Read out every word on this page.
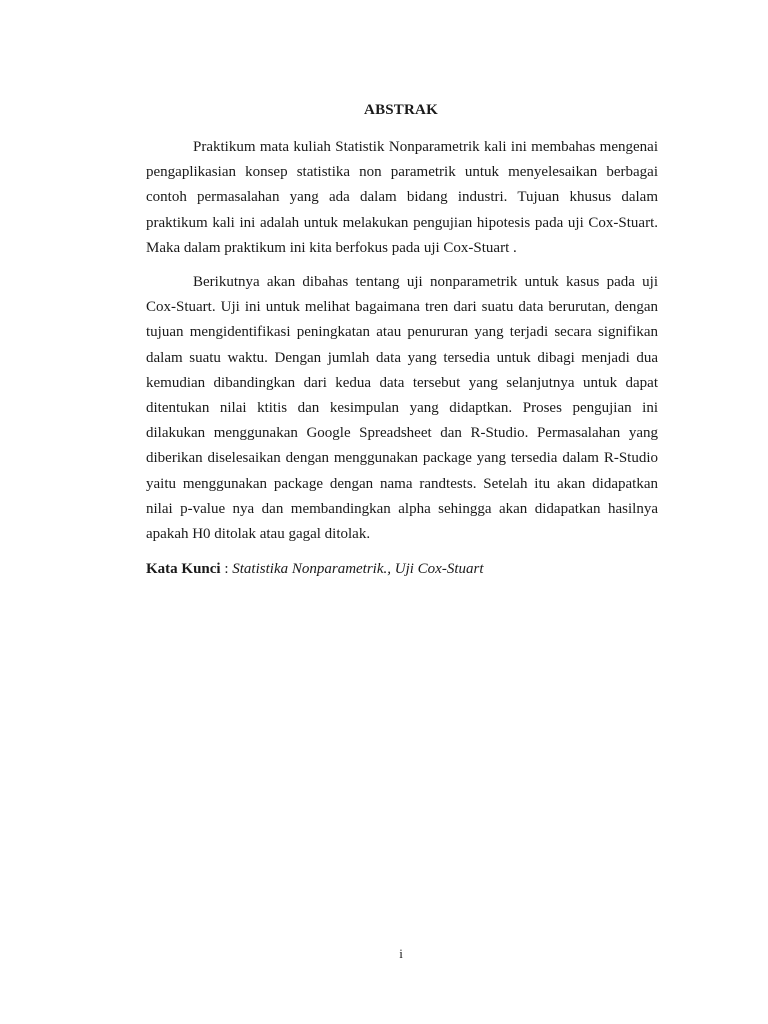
ABSTRAK

Praktikum mata kuliah Statistik Nonparametrik kali ini membahas mengenai pengaplikasian konsep statistika non parametrik untuk menyelesaikan berbagai contoh permasalahan yang ada dalam bidang industri. Tujuan khusus dalam praktikum kali ini adalah untuk melakukan pengujian hipotesis pada uji Cox-Stuart. Maka dalam praktikum ini kita berfokus pada uji Cox-Stuart .

Berikutnya akan dibahas tentang uji nonparametrik untuk kasus pada uji Cox-Stuart. Uji ini untuk melihat bagaimana tren dari suatu data berurutan, dengan tujuan mengidentifikasi peningkatan atau penururan yang terjadi secara signifikan dalam suatu waktu. Dengan jumlah data yang tersedia untuk dibagi menjadi dua kemudian dibandingkan dari kedua data tersebut yang selanjutnya untuk dapat ditentukan nilai ktitis dan kesimpulan yang didaptkan. Proses pengujian ini dilakukan menggunakan Google Spreadsheet dan R-Studio. Permasalahan yang diberikan diselesaikan dengan menggunakan package yang tersedia dalam R-Studio yaitu menggunakan package dengan nama randtests. Setelah itu akan didapatkan nilai p-value nya dan membandingkan alpha sehingga akan didapatkan hasilnya apakah H0 ditolak atau gagal ditolak.

Kata Kunci : Statistika Nonparametrik., Uji Cox-Stuart
i
